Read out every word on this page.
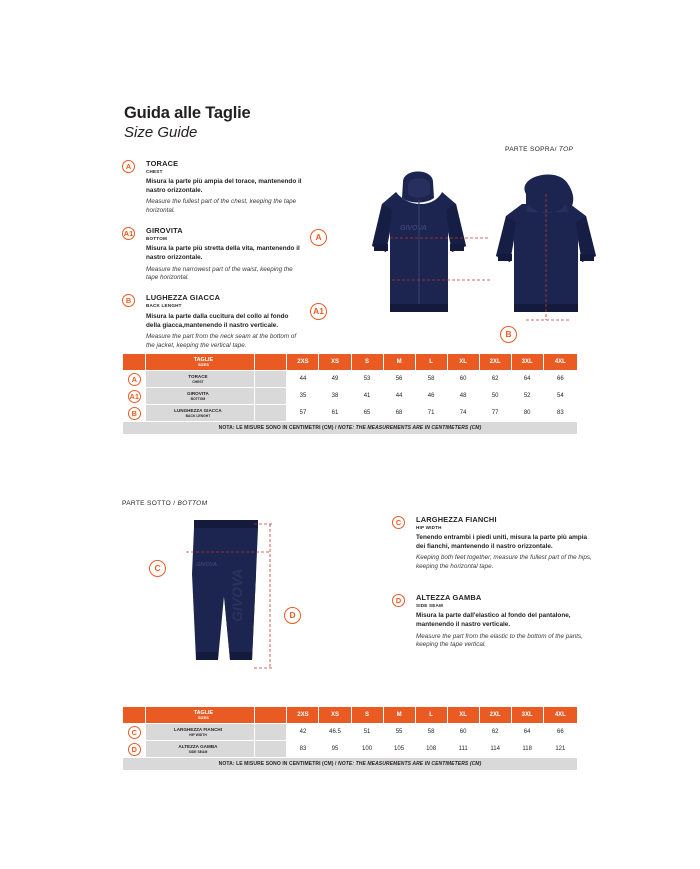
Guida alle Taglie
Size Guide
PARTE SOPRA/ TOP
A	TORACE
CHEST
Misura la parte più ampia del torace, mantenendo il nastro orizzontale.
Measure the fullest part of the chest, keeping the tape horizontal.
A1 GIROVITA
BOTTOM
Misura la parte più stretta della vita, mantenendo il nastro orizzontale.
Measure the narrowest part of the waist, keeping the tape horizontal.
B	LUGHEZZA GIACCA
BACK LENGHT
Misura la parte dalla cucitura del collo al fondo della giacca,mantenendo il nastro verticale.
Measure the part from the neck seam at the bottom of the jacket, keeping the vertical tape.
GIVOVA
A
A1
B
	TAGLIE
SIZES		2XS	XS	S	M	L	XL	2XL	3XL	4XL
A	TORACE
CHEST		44	49	53	56	58	60	62	64	66
A1	GIROVITA
BOTTOM		35	38	41	44	46	48	50	52	54
B	LUNGHEZZA GIACCA
BACK LENGHT		57	61	65	68	71	74	77	80	83
NOTA: LE MISURE SONO IN CENTIMETRI (CM) / NOTE: THE MEASUREMENTS ARE IN CENTIMETERS (CM)											
PARTE SOTTO / BOTTOM
GIVOVA
GIVOVA
C
D
C	LARGHEZZA FIANCHI
HIP WIDTH
Tenendo entrambi i piedi uniti, misura la parte più ampia dei fianchi, mantenendo il nastro orizzontale.
Keeping both feet together, measure the fullest part of the hips, keeping the horizontal tape.
D	ALTEZZA GAMBA
SIDE SEAM
Misura la parte dall'elastico al fondo del pantalone, mantenendo il nastro verticale.
Measure the part from the elastic to the bottom of the pants, keeping the tape vertical.
	TAGLIE
SIZES		2XS	XS	S	M	L	XL	2XL	3XL	4XL
C	LARGHEZZA FIANCHI
HIP WIDTH		42	46.5	51	55	58	60	62	64	66
D	ALTEZZA GAMBA
SIDE SEAM		83	95	100	105	108	111	114	118	121
NOTA: LE MISURE SONO IN CENTIMETRI (CM) / NOTE: THE MEASUREMENTS ARE IN CENTIMETERS (CM)											
